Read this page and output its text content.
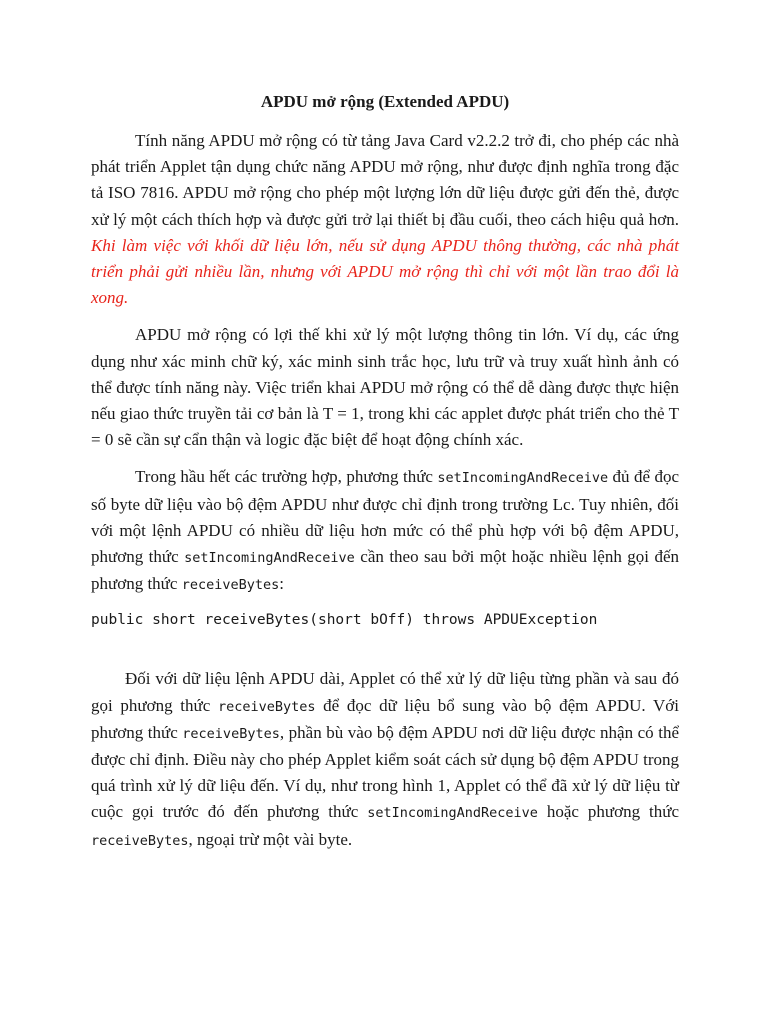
APDU mở rộng (Extended APDU)

Tính năng APDU mở rộng có từ tảng Java Card v2.2.2 trở đi, cho phép các nhà phát triển Applet tận dụng chức năng APDU mở rộng, như được định nghĩa trong đặc tả ISO 7816. APDU mở rộng cho phép một lượng lớn dữ liệu được gửi đến thẻ, được xử lý một cách thích hợp và được gửi trở lại thiết bị đầu cuối, theo cách hiệu quả hơn. Khi làm việc với khối dữ liệu lớn, nếu sử dụng APDU thông thường, các nhà phát triển phải gửi nhiều lần, nhưng với APDU mở rộng thì chỉ với một lần trao đổi là xong.

APDU mở rộng có lợi thế khi xử lý một lượng thông tin lớn. Ví dụ, các ứng dụng như xác minh chữ ký, xác minh sinh trắc học, lưu trữ và truy xuất hình ảnh có thể được tính năng này. Việc triển khai APDU mở rộng có thể dễ dàng được thực hiện nếu giao thức truyền tải cơ bản là T = 1, trong khi các applet được phát triển cho thẻ T = 0 sẽ cần sự cẩn thận và logic đặc biệt để hoạt động chính xác.

Trong hầu hết các trường hợp, phương thức setIncomingAndReceive đủ để đọc số byte dữ liệu vào bộ đệm APDU như được chỉ định trong trường Lc. Tuy nhiên, đối với một lệnh APDU có nhiều dữ liệu hơn mức có thể phù hợp với bộ đệm APDU, phương thức setIncomingAndReceive cần theo sau bởi một hoặc nhiều lệnh gọi đến phương thức receiveBytes:

public short receiveBytes(short bOff) throws APDUException

Đối với dữ liệu lệnh APDU dài, Applet có thể xử lý dữ liệu từng phần và sau đó gọi phương thức receiveBytes để đọc dữ liệu bổ sung vào bộ đệm APDU. Với phương thức receiveBytes, phần bù vào bộ đệm APDU nơi dữ liệu được nhận có thể được chỉ định. Điều này cho phép Applet kiểm soát cách sử dụng bộ đệm APDU trong quá trình xử lý dữ liệu đến. Ví dụ, như trong hình 1, Applet có thể đã xử lý dữ liệu từ cuộc gọi trước đó đến phương thức setIncomingAndReceive hoặc phương thức receiveBytes, ngoại trừ một vài byte.
